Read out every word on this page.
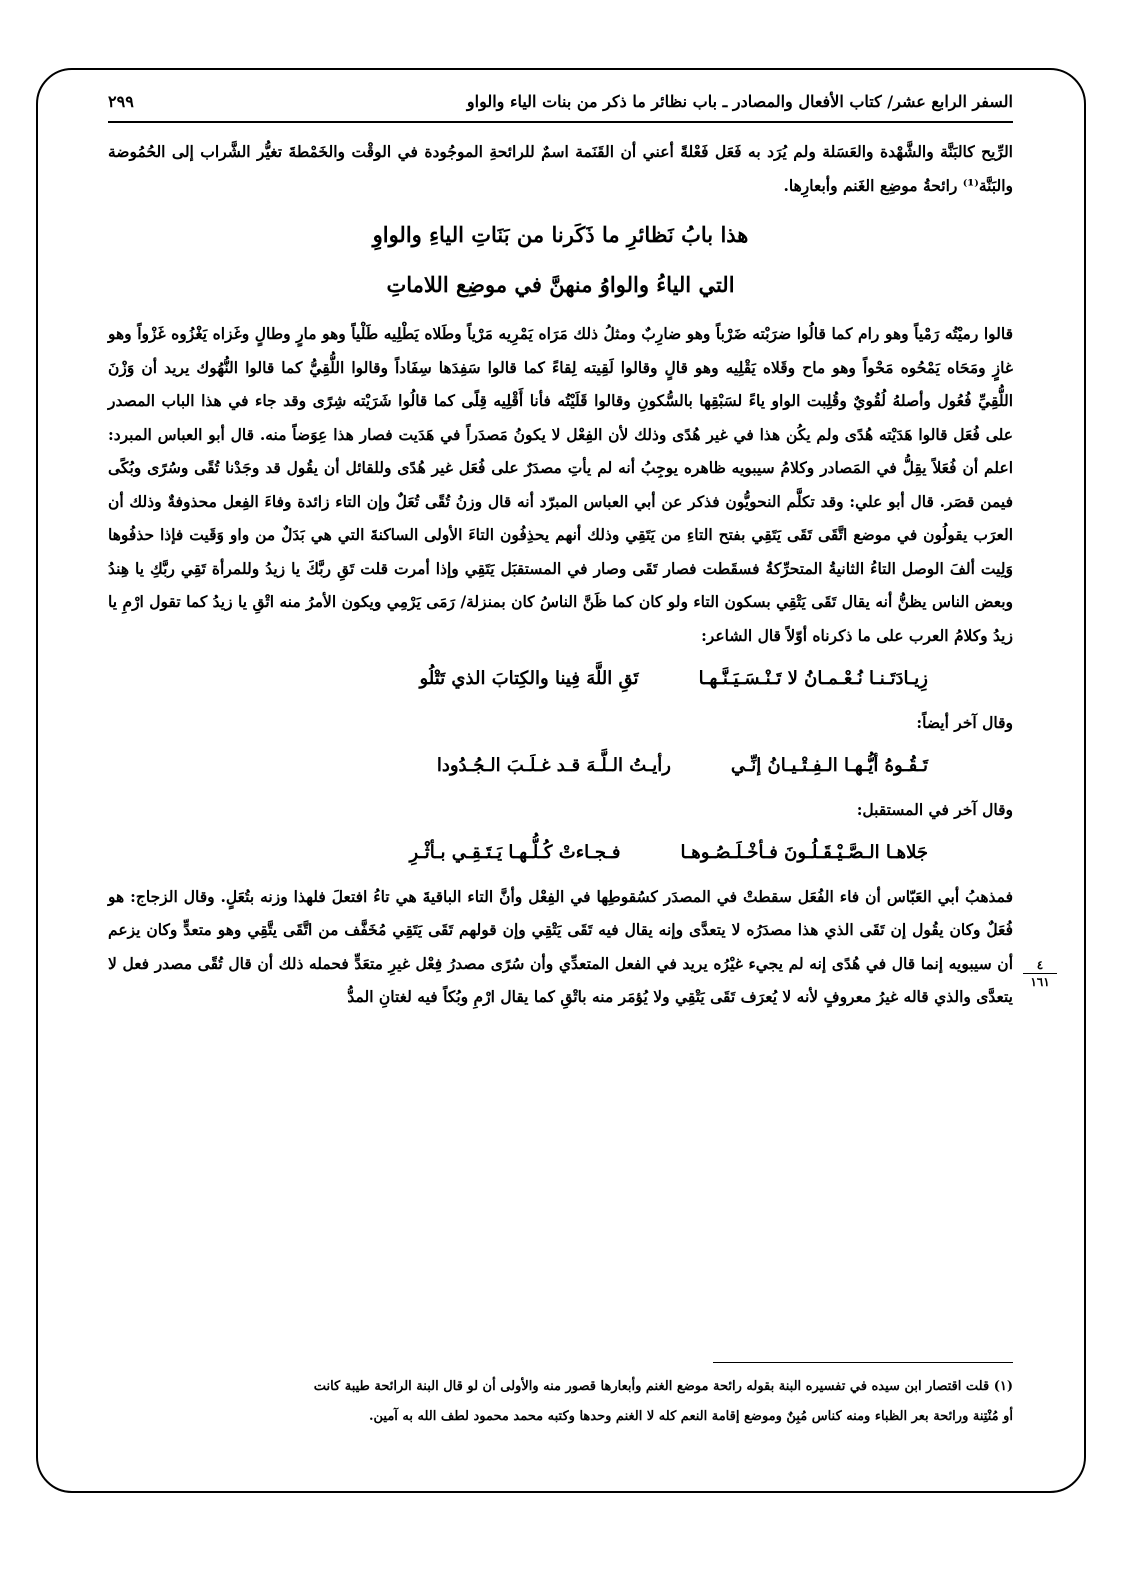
السفر الرابع عشر/ كتاب الأفعال والمصادر ـ باب نظائر ما ذكر من بنات الياء والواو
٢٩٩

الرِّيح كالبَنَّة والشَّهْدة والعَسَلة ولم يُرَد به فَعَل فَعْلةً أعني أن القَنَمة اسمٌ للرائحةِ الموجُودة في الوقْت والخَمْطةَ تغيُّر الشَّراب إلى الحُمُوضة والبَنَّة⁽¹⁾ رائحةُ موضِع الغَنم وأبعارِها.

هذا بابُ نَظائرِ ما ذَكَرنا من بَنَاتِ الياءِ والواوِ

التي الياءُ والواوُ منهنَّ في موضِع اللاماتِ

قالوا رميْتُه رَمْياً وهو رام كما قالُوا ضرَبْته ضَرْباً وهو ضارِبٌ ومثلُ ذلك مَرَاه يَمْرِيه مَرْياً وطَلاه يَطْلِيه طَلْياً وهو مارٍ وطالٍ وغَزاه يَغْزُوه غَزْواً وهو غازٍ ومَحَاه يَمْحُوه مَحْواً وهو ماح وقَلاه يَقْلِيه وهو قالٍ وقالوا لَقِيته لِقاءً كما قالوا سَفِدَها سِفَاداً وقالوا اللُّقِيُّ كما قالوا النُّهُوك يريد أن وَزْنَ اللُّقِيِّ فُعُول وأصلهُ لُقُويٌ وقُلِبت الواو ياءً لسَبْقِها بالسُّكونِ وقالوا قَلَيْتُه فأنا أَقْلِيه قِلًى كما قالُوا شَرَيْته شِرًى وقد جاء في هذا الباب المصدر على فُعَل قالوا هَدَيْته هُدًى ولم يكُن هذا في غير هُدًى وذلك لأن الفِعْل لا يكونُ مَصدَراً في هَدَيت فصار هذا عِوَضاً منه. قال أبو العباس المبرد: اعلم أن فُعَلاً يقِلُّ في المَصادر وكلامُ سيبويه ظاهره يوجِبُ أنه لم يأتِ مصدَرٌ على فُعَل غير هُدًى وللقائل أن يقُول قد وجَدْنا تُقًى وسُرًى وبُكًى فيمن قصَر. قال أبو علي: وقد تكلَّم النحويُّون فذكر عن أبي العباس المبرّد أنه قال وزنُ تُقًى تُعَلٌ وإن التاء زائدة وفاءَ الفِعل محذوفةٌ وذلك أن العرَب يقولُون في موضع اتَّقَى تَقَى يَتَقِي بفتح التاءِ من يَتَقِي وذلك أنهم يحذِفُون التاءَ الأولى الساكنةَ التي هي بَدَلٌ من واو وَقَيت فإذا حذفُوها وَلِيت ألفَ الوصل التاءُ الثانيةُ المتحرِّكةُ فسقَطت فصار تَقَى وصار في المستقبَل يَتَقِي وإذا أمرت قلت تَقِ ربَّكَ يا زيدُ وللمرأة تَقِي ربَّكِ يا هِندُ وبعض الناس يظنُّ أنه يقال تَقَى يَتْقِي بسكون التاء ولو كان كما ظَنَّ الناسُ كان بمنزلة/ رَمَى يَرْمِي ويكون الأمرُ منه اتْقِ يا زيدُ كما تقول ارْمِ يا زيدُ وكلامُ العرب على ما ذكرناه أوّلاً قال الشاعر:

زِيـادَتَـنـا نُـعْـمـانُ لا تَـنْـسَـيَـنَّـهـا
تَقِ اللَّهَ فِينا والكِتابَ الذي تَتْلُو

وقال آخر أيضاً:

تَـقُـوهُ أيُّـهـا الـفِـتْـيـانُ إنِّـي
رأيـتُ الـلَّـهَ قـد غـلَـبَ الـجُـدُودا

وقال آخر في المستقبل:

جَلاهـا الـصَّـيْـقَـلُـونَ فـأخْـلَـصُـوهـا
فـجـاءتْ كُـلُّـهـا يَـتَـقِـي بـأثْـرِ

فمذهبُ أبي العَبّاس أن فاء الفُعَل سقطتْ في المصدَر كسُقوطِها في الفِعْل وأنَّ التاء الباقيةَ هي تاءُ افتعلَ فلهذا وزنه بتُعَلٍ. وقال الزجاج: هو فُعَلٌ وكان يقُول إن تَقَى الذي هذا مصدَرُه لا يتعدَّى وإنه يقال فيه تَقَى يَتْقِي وإن قولهم تَقَى يَتَقِي مُخَفَّف من اتَّقَى يتَّقِي وهو متعدٍّ وكان يزعم أن سيبويه إنما قال في هُدًى إنه لم يجيء غيْرُه يريد في الفعل المتعدِّي وأن سُرًى مصدرُ فِعْل غيرِ متعَدٍّ فحمله ذلك أن قال تُقًى مصدر فعل لا يتعدَّى والذي قاله غيرُ معروفٍ لأنه لا يُعرَف تَقَى يَتْقِي ولا يُؤمَر منه باتْقِ كما يقال ارْمِ وبُكاً فيه لغتانِ المدُّ

٤
١٦١

(١) قلت اقتصار ابن سيده في تفسيره البنة بقوله رائحة موضع الغنم وأبعارها قصور منه والأولى أن لو قال البنة الرائحة طيبة كانت

أو مُنْتِنة ورائحة بعر الظباء ومنه كناس مُبِنٌ وموضع إقامة النعم كله لا الغنم وحدها وكتبه محمد محمود لطف الله به آمين.
